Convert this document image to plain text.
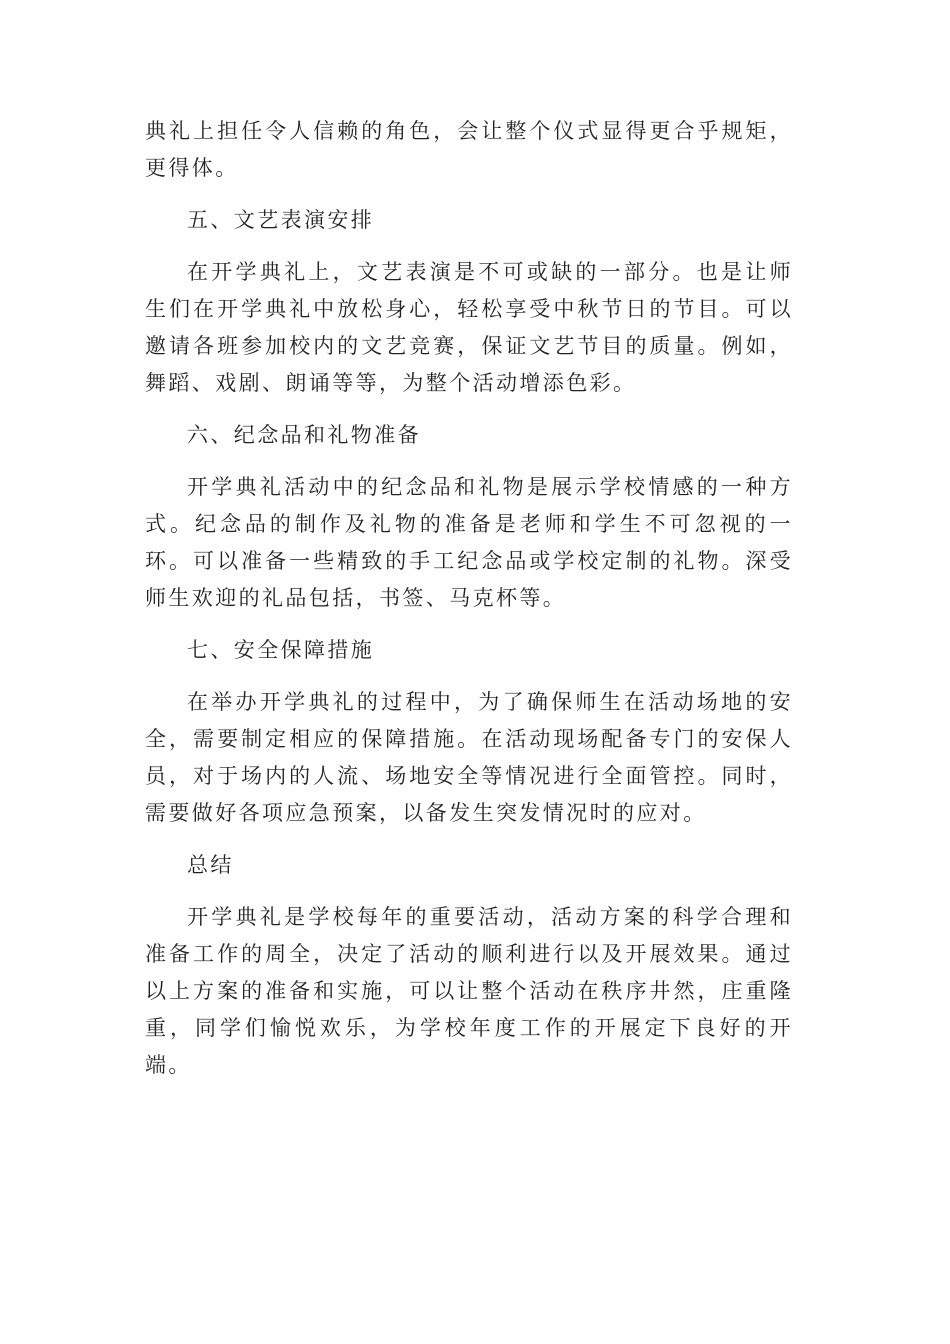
典礼上担任令人信赖的角色，会让整个仪式显得更合乎规矩，更得体。

五、文艺表演安排

在开学典礼上，文艺表演是不可或缺的一部分。也是让师生们在开学典礼中放松身心，轻松享受中秋节日的节目。可以邀请各班参加校内的文艺竞赛，保证文艺节目的质量。例如，舞蹈、戏剧、朗诵等等，为整个活动增添色彩。

六、纪念品和礼物准备

开学典礼活动中的纪念品和礼物是展示学校情感的一种方式。纪念品的制作及礼物的准备是老师和学生不可忽视的一环。可以准备一些精致的手工纪念品或学校定制的礼物。深受师生欢迎的礼品包括，书签、马克杯等。

七、安全保障措施

在举办开学典礼的过程中，为了确保师生在活动场地的安全，需要制定相应的保障措施。在活动现场配备专门的安保人员，对于场内的人流、场地安全等情况进行全面管控。同时，需要做好各项应急预案，以备发生突发情况时的应对。

总结

开学典礼是学校每年的重要活动，活动方案的科学合理和准备工作的周全，决定了活动的顺利进行以及开展效果。通过以上方案的准备和实施，可以让整个活动在秩序井然，庄重隆重，同学们愉悦欢乐，为学校年度工作的开展定下良好的开端。
